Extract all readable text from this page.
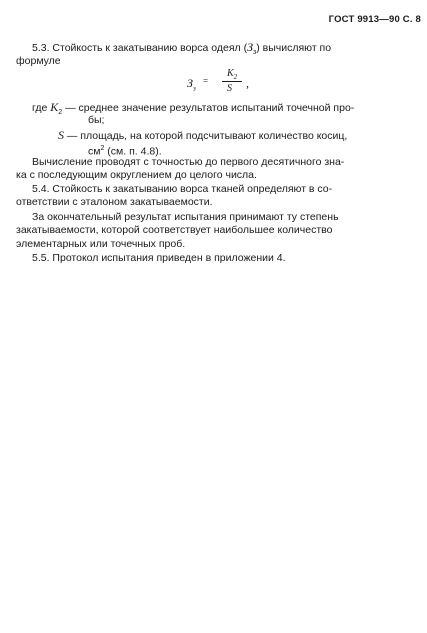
ГОСТ 9913—90 С. 8
5.3. Стойкость к закатыванию ворса одеял $(З_з)$ вычисляют по
формуле
$З_з$
=
$K_2$
S ,
где $K_2$ — среднее значение результатов испытаний точечной про-
бы;
S — площадь, на которой подсчитывают количество косиц,
$см^2$ (см. п. 4.8).
Вычисление проводят с точностью до первого десятичного зна-
ка с последующим округлением до целого числа.
5.4. Стойкость к закатыванию ворса тканей определяют в со-
ответствии с эталоном закатываемости.
За окончательный результат испытания принимают ту степень
закатываемости, которой соответствует наибольшее количество
элементарных или точечных проб.
5.5. Протокол испытания приведен в приложении 4.
